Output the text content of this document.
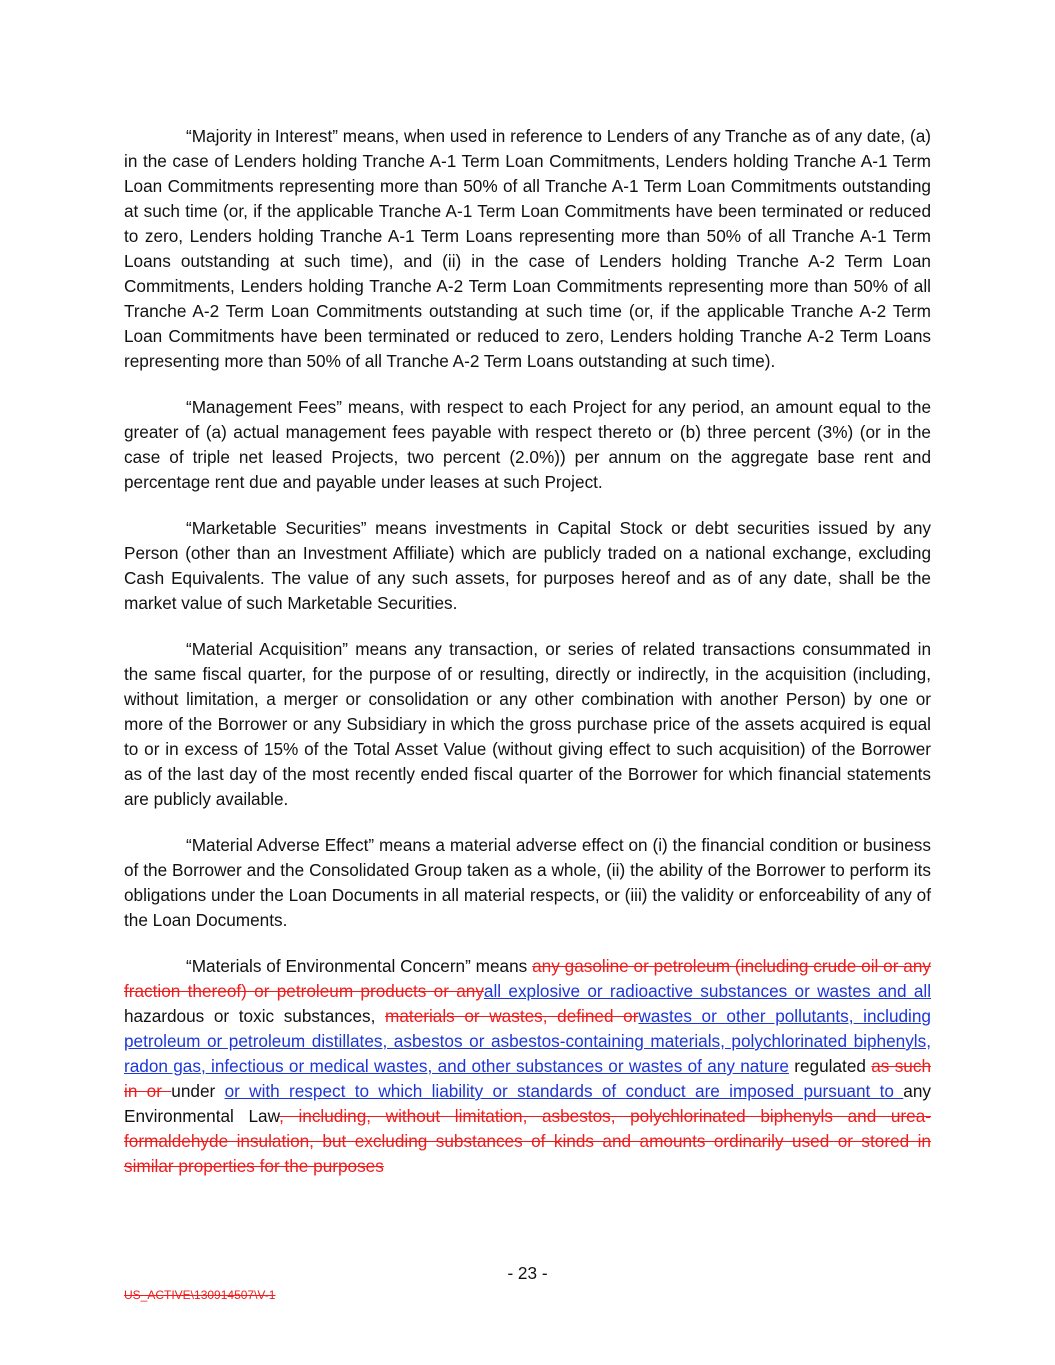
“Majority in Interest” means, when used in reference to Lenders of any Tranche as of any date, (a) in the case of Lenders holding Tranche A-1 Term Loan Commitments, Lenders holding Tranche A-1 Term Loan Commitments representing more than 50% of all Tranche A-1 Term Loan Commitments outstanding at such time (or, if the applicable Tranche A-1 Term Loan Commitments have been terminated or reduced to zero, Lenders holding Tranche A-1 Term Loans representing more than 50% of all Tranche A-1 Term Loans outstanding at such time), and (ii) in the case of Lenders holding Tranche A-2 Term Loan Commitments, Lenders holding Tranche A-2 Term Loan Commitments representing more than 50% of all Tranche A-2 Term Loan Commitments outstanding at such time (or, if the applicable Tranche A-2 Term Loan Commitments have been terminated or reduced to zero, Lenders holding Tranche A-2 Term Loans representing more than 50% of all Tranche A-2 Term Loans outstanding at such time).

“Management Fees” means, with respect to each Project for any period, an amount equal to the greater of (a) actual management fees payable with respect thereto or (b) three percent (3%) (or in the case of triple net leased Projects, two percent (2.0%)) per annum on the aggregate base rent and percentage rent due and payable under leases at such Project.

“Marketable Securities” means investments in Capital Stock or debt securities issued by any Person (other than an Investment Affiliate) which are publicly traded on a national exchange, excluding Cash Equivalents. The value of any such assets, for purposes hereof and as of any date, shall be the market value of such Marketable Securities.

“Material Acquisition” means any transaction, or series of related transactions consummated in the same fiscal quarter, for the purpose of or resulting, directly or indirectly, in the acquisition (including, without limitation, a merger or consolidation or any other combination with another Person) by one or more of the Borrower or any Subsidiary in which the gross purchase price of the assets acquired is equal to or in excess of 15% of the Total Asset Value (without giving effect to such acquisition) of the Borrower as of the last day of the most recently ended fiscal quarter of the Borrower for which financial statements are publicly available.

“Material Adverse Effect” means a material adverse effect on (i) the financial condition or business of the Borrower and the Consolidated Group taken as a whole, (ii) the ability of the Borrower to perform its obligations under the Loan Documents in all material respects, or (iii) the validity or enforceability of any of the Loan Documents.

“Materials of Environmental Concern” means any gasoline or petroleum (including crude oil or any fraction thereof) or petroleum products or anyall explosive or radioactive substances or wastes and all hazardous or toxic substances, materials or wastes, defined orwastes or other pollutants, including petroleum or petroleum distillates, asbestos or asbestos-containing materials, polychlorinated biphenyls, radon gas, infectious or medical wastes, and other substances or wastes of any nature regulated as such in or under or with respect to which liability or standards of conduct are imposed pursuant to any Environmental Law, including, without limitation, asbestos, polychlorinated biphenyls and urea-formaldehyde insulation, but excluding substances of kinds and amounts ordinarily used or stored in similar properties for the purposes

- 23 -
US_ACTIVE\130914507\V-1
